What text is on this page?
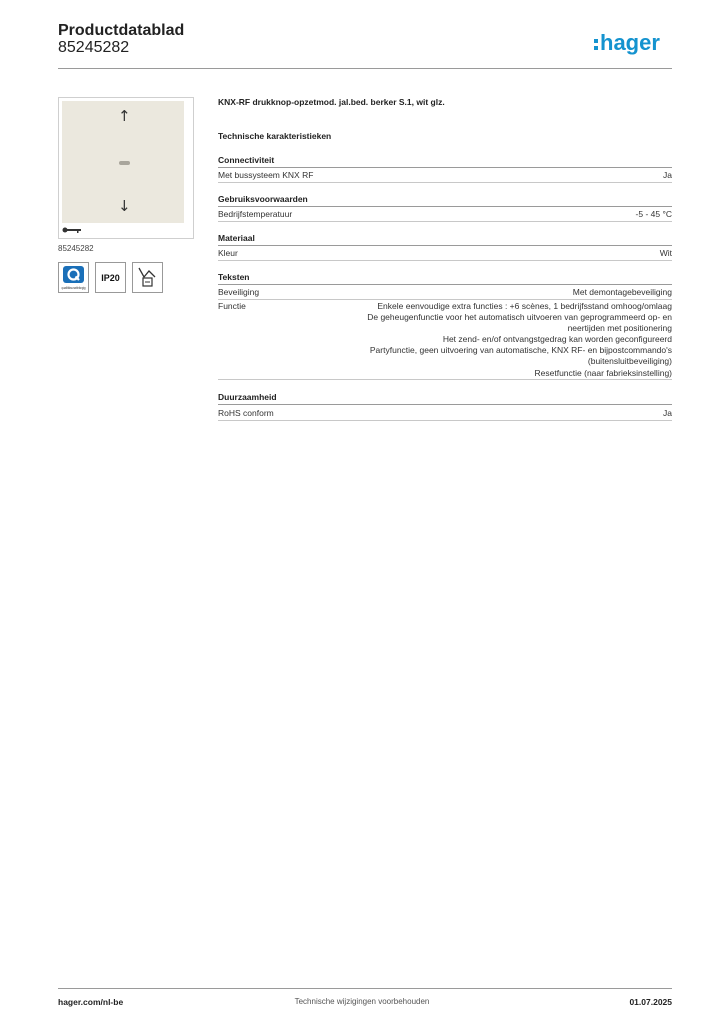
Productdatablad
85245282	hager
↑
↓
85245282
qualitätsunabhängig
IP20
KNX-RF drukknop-opzetmod. jal.bed. berker S.1, wit glz.
Technische karakteristieken
Connectiviteit
Met bussysteem KNX RF	Ja
Gebruiksvoorwaarden
Bedrijfstemperatuur	-5 - 45 °C
Materiaal
Kleur	Wit
Teksten
Beveiliging	Met demontagebeveiliging
Functie	Enkele eenvoudige extra functies : +6 scènes, 1 bedrijfsstand omhoog/omlaag
De geheugenfunctie voor het automatisch uitvoeren van geprogrammeerd op- en
neertijden met positionering
Het zend- en/of ontvangstgedrag kan worden geconfigureerd
Partyfunctie, geen uitvoering van automatische, KNX RF- en bijpostcommando's
(buitensluitbeveiliging)
Resetfunctie (naar fabrieksinstelling)
Duurzaamheid
RoHS conform	Ja
hager.com/nl-be	Technische wijzigingen voorbehouden	01.07.2025
